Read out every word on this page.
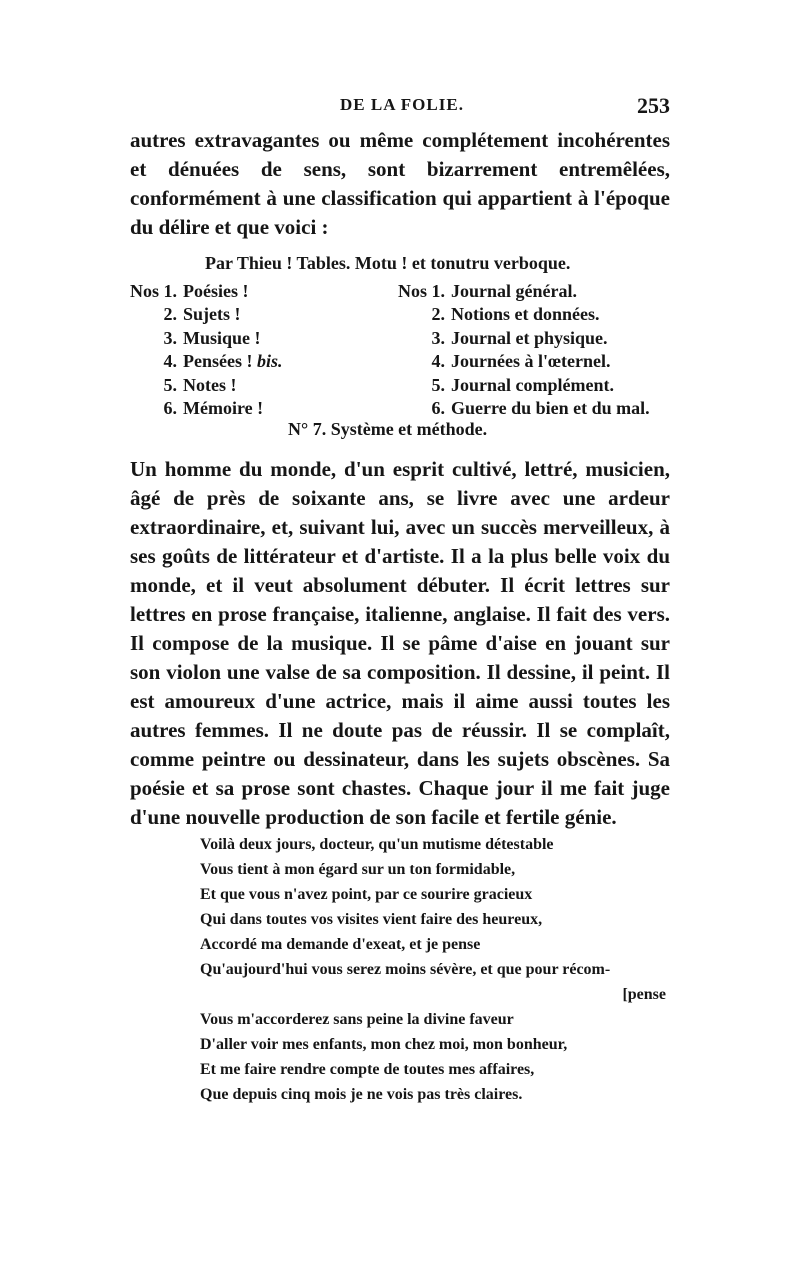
DE LA FOLIE.	253

autres extravagantes ou même complétement incohérentes et dénuées de sens, sont bizarrement entremêlées, conformément à une classification qui appartient à l'époque du délire et que voici :

Par Thieu ! Tables. Motu ! et tonutru verboque.
Nos 1. Poésies !
2. Sujets !
3. Musique !
4. Pensées ! bis.
5. Notes !
6. Mémoire !
Nos 1. Journal général.
2. Notions et données.
3. Journal et physique.
4. Journées à l'œternel.
5. Journal complément.
6. Guerre du bien et du mal.
N° 7. Système et méthode.

Un homme du monde, d'un esprit cultivé, lettré, musicien, âgé de près de soixante ans, se livre avec une ardeur extraordinaire, et, suivant lui, avec un succès merveilleux, à ses goûts de littérateur et d'artiste. Il a la plus belle voix du monde, et il veut absolument débuter. Il écrit lettres sur lettres en prose française, italienne, anglaise. Il fait des vers. Il compose de la musique. Il se pâme d'aise en jouant sur son violon une valse de sa composition. Il dessine, il peint. Il est amoureux d'une actrice, mais il aime aussi toutes les autres femmes. Il ne doute pas de réussir. Il se complaît, comme peintre ou dessinateur, dans les sujets obscènes. Sa poésie et sa prose sont chastes. Chaque jour il me fait juge d'une nouvelle production de son facile et fertile génie.

Voilà deux jours, docteur, qu'un mutisme détestable
Vous tient à mon égard sur un ton formidable,
Et que vous n'avez point, par ce sourire gracieux
Qui dans toutes vos visites vient faire des heureux,
Accordé ma demande d'exeat, et je pense
Qu'aujourd'hui vous serez moins sévère, et que pour récom-
[pense
Vous m'accorderez sans peine la divine faveur
D'aller voir mes enfants, mon chez moi, mon bonheur,
Et me faire rendre compte de toutes mes affaires,
Que depuis cinq mois je ne vois pas très claires.
